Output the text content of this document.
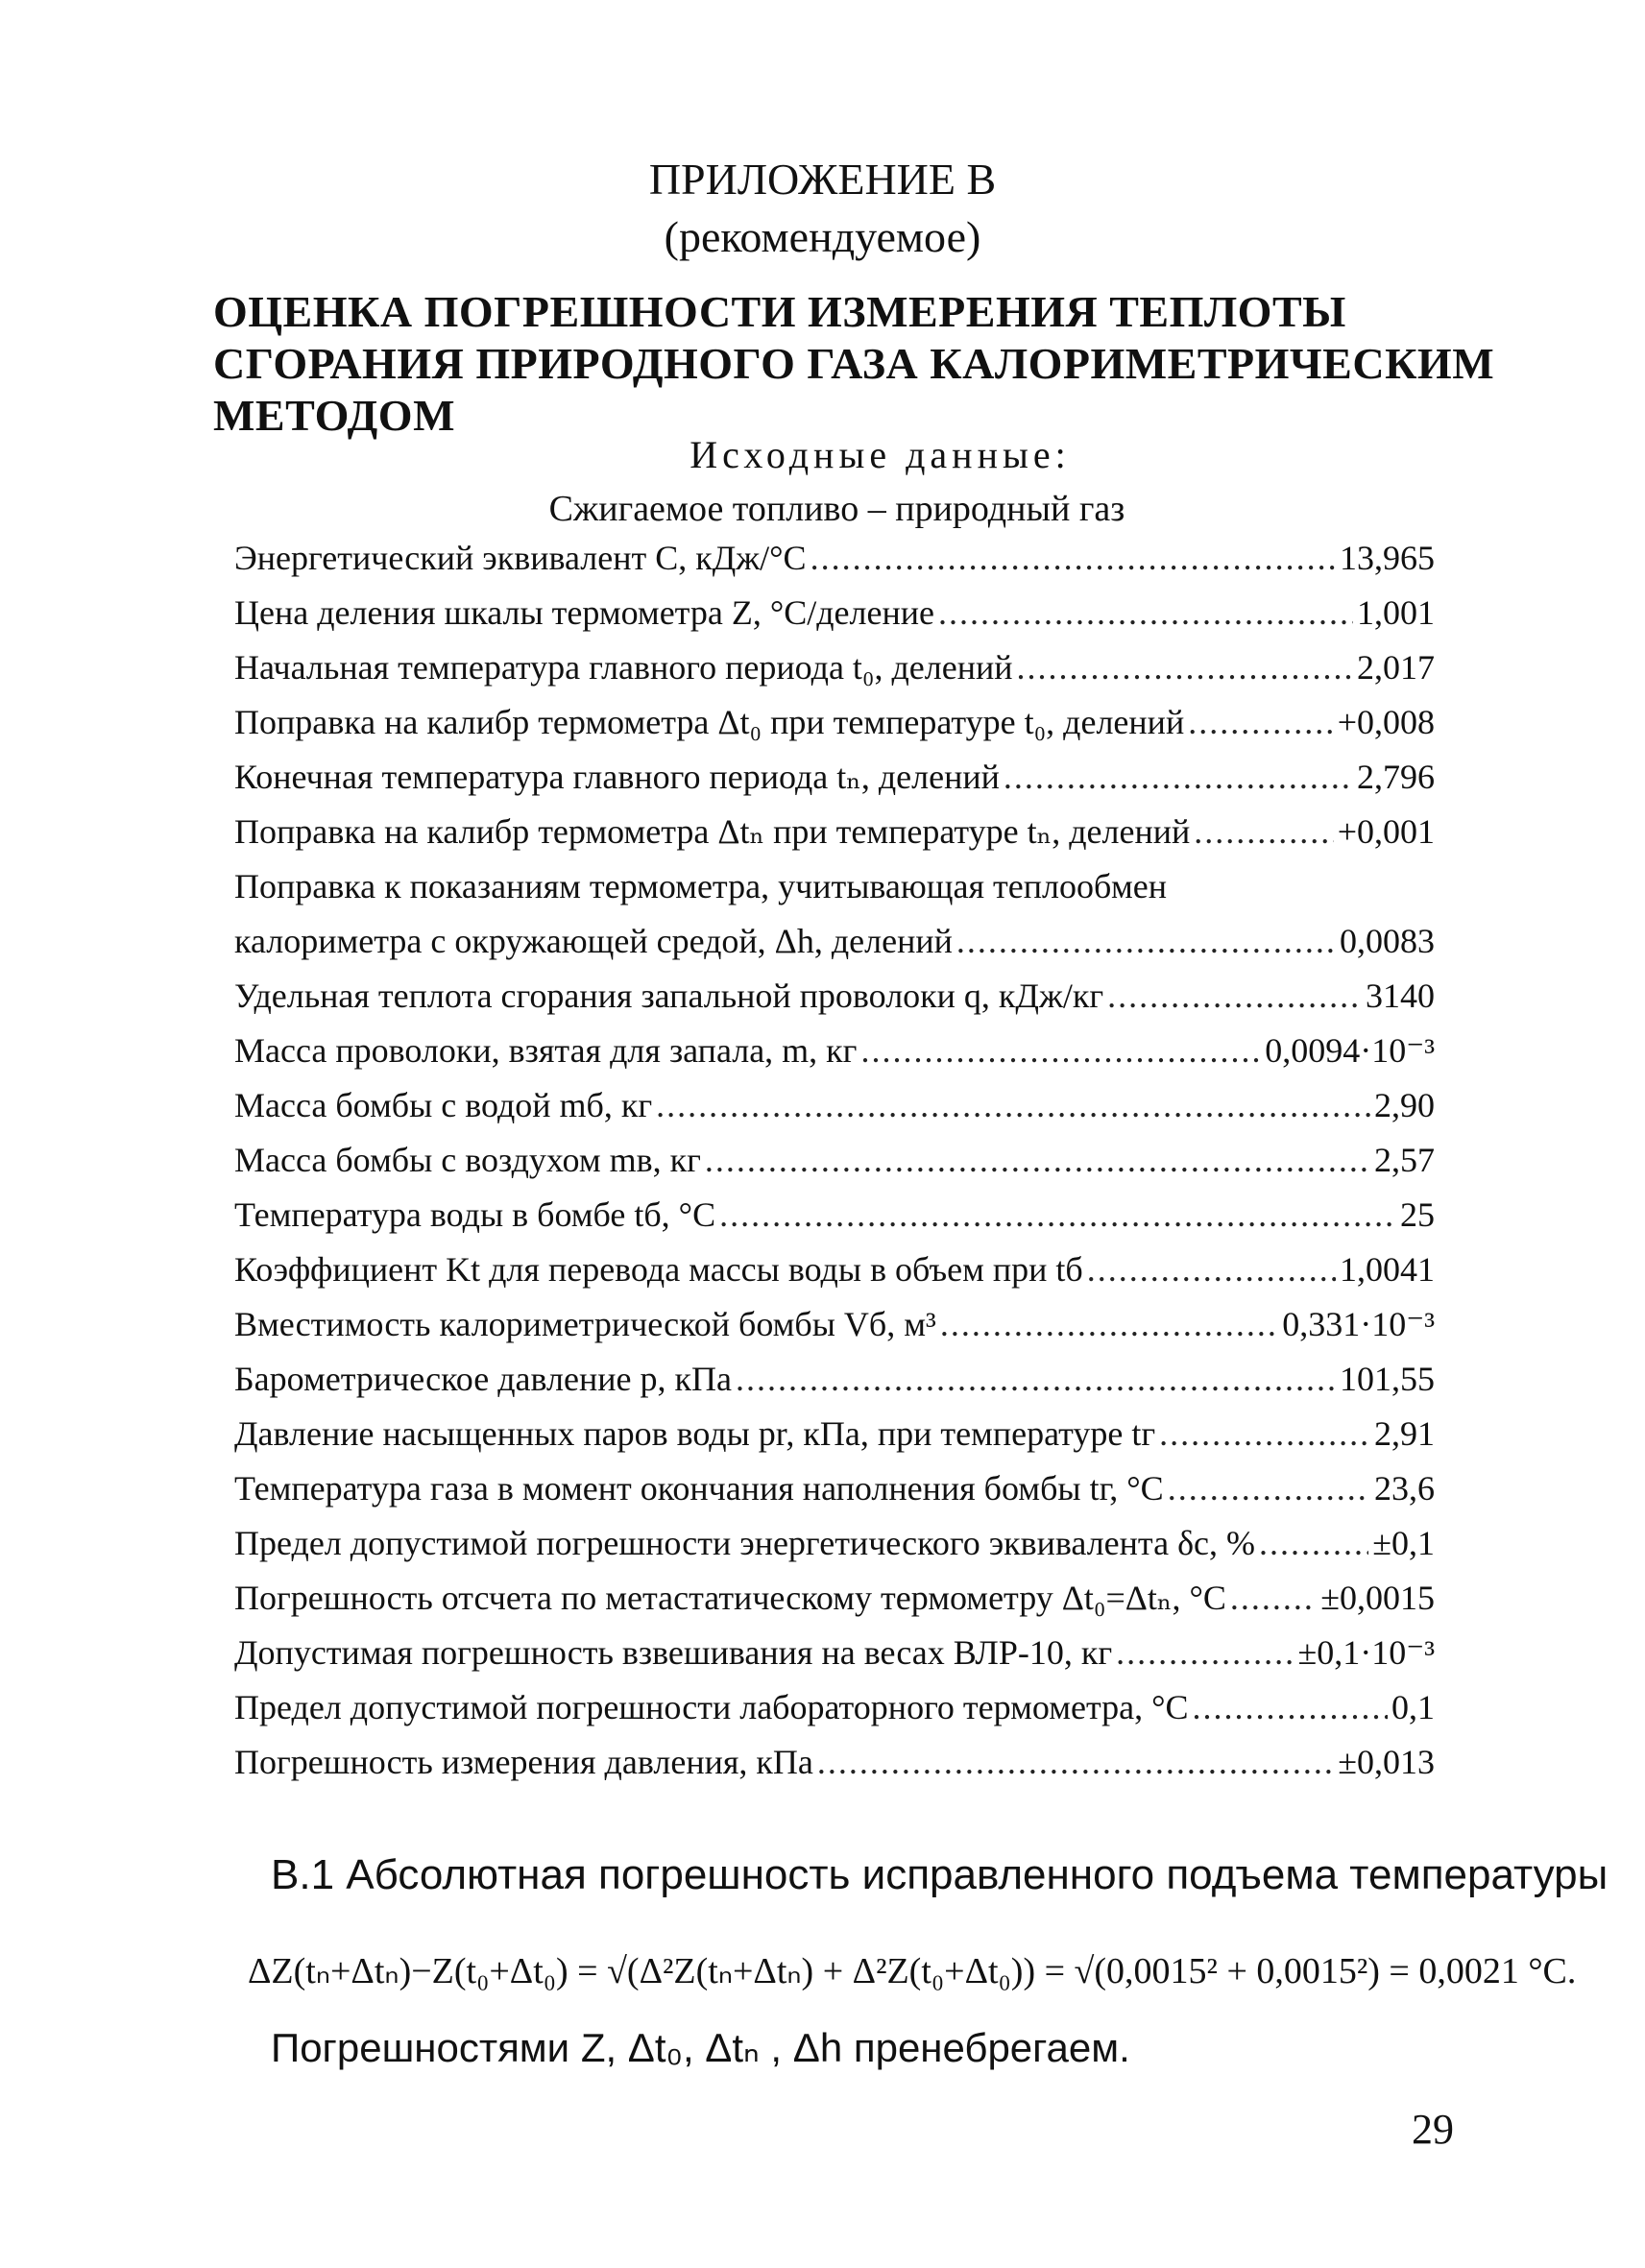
ПРИЛОЖЕНИЕ В
(рекомендуемое)
ОЦЕНКА ПОГРЕШНОСТИ ИЗМЕРЕНИЯ ТЕПЛОТЫ
СГОРАНИЯ ПРИРОДНОГО ГАЗА КАЛОРИМЕТРИЧЕСКИМ
МЕТОДОМ
Исходные данные:
Сжигаемое топливо – природный газ
Энергетический эквивалент C, кДж/°С .....	13,965
Цена деления шкалы термометра Z, °С/деление .....	1,001
Начальная температура главного периода t₀, делений .....	2,017
Поправка на калибр термометра Δt₀ при температуре t₀, делений .....	+0,008
Конечная температура главного периода tₙ, делений .....	2,796
Поправка на калибр термометра Δtₙ при температуре tₙ, делений .....	+0,001
Поправка к показаниям термометра, учитывающая теплообмен
калориметра с окружающей средой, Δh, делений .....	0,0083
Удельная теплота сгорания запальной проволоки q, кДж/кг .....	3140
Масса проволоки, взятая для запала, m, кг .....	0,0094·10⁻³
Масса бомбы с водой mб, кг .....	2,90
Масса бомбы с воздухом mв, кг .....	2,57
Температура воды в бомбе tб, °С .....	25
Коэффициент Kt для перевода массы воды в объем при tб .....	1,0041
Вместимость калориметрической бомбы Vб, м³ .....	0,331·10⁻³
Барометрическое давление p, кПа .....	101,55
Давление насыщенных паров воды pr, кПа, при температуре tг .....	2,91
Температура газа в момент окончания наполнения бомбы tг, °С .....	23,6
Предел допустимой погрешности энергетического эквивалента δс, % .....	±0,1
Погрешность отсчета по метастатическому термометру Δt₀=Δtₙ, °С .....	±0,0015
Допустимая погрешность взвешивания на весах ВЛР-10, кг .....	±0,1·10⁻³
Предел допустимой погрешности лабораторного термометра, °С .....	0,1
Погрешность измерения давления, кПа .....	±0,013
В.1 Абсолютная погрешность исправленного подъема температуры
ΔZ(tₙ+Δtₙ)−Z(t₀+Δt₀) = √(Δ²Z(tₙ+Δtₙ) + Δ²Z(t₀+Δt₀)) = √(0,0015² + 0,0015²) = 0,0021 °С.
Погрешностями Z, Δt₀, Δtₙ , Δh пренебрегаем.
29
